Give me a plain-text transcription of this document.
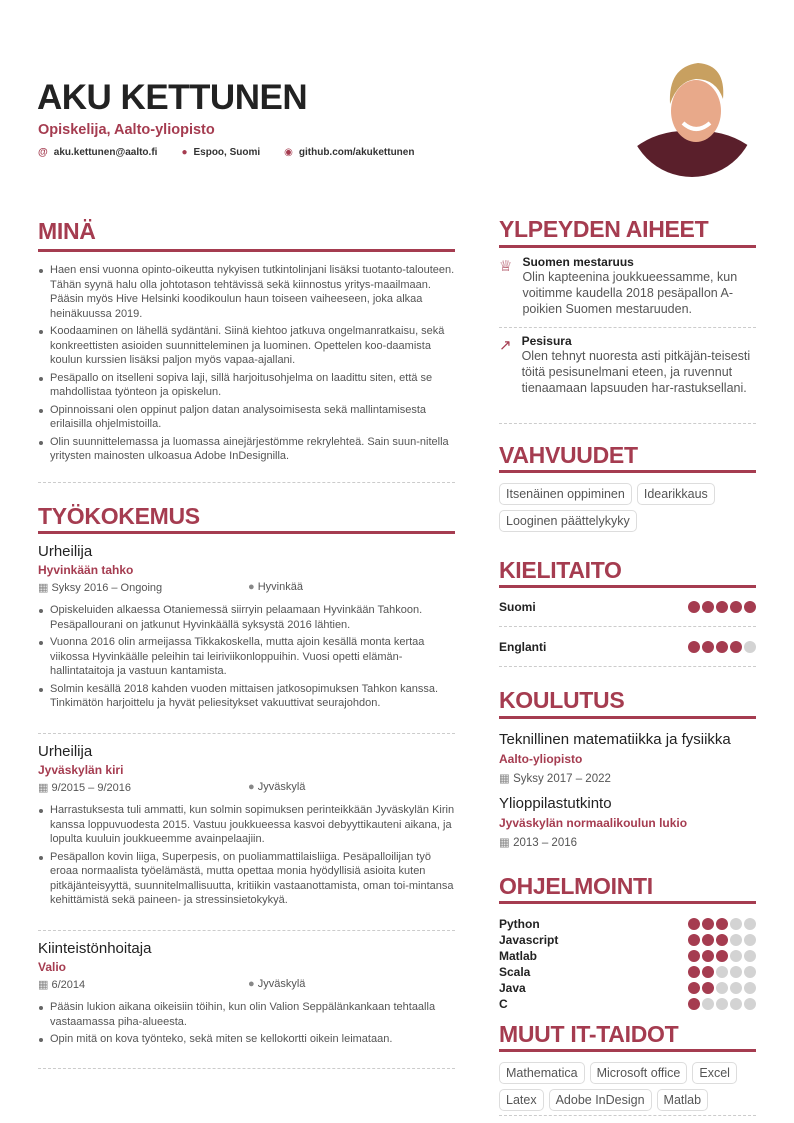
AKU KETTUNEN
Opiskelija, Aalto-yliopisto
@ aku.kettunen@aalto.fi ● Espoo, Suomi ◉ github.com/akukettunen
MINÄ
Haen ensi vuonna opinto-oikeutta nykyisen tutkintolinjani lisäksi tuotanto-talouteen. Tähän syynä halu olla johtotason tehtävissä sekä kiinnostus yritys-maailmaan. Pääsin myös Hive Helsinki koodikoulun haun toiseen vaiheeseen, joka alkaa heinäkuussa 2019.
Koodaaminen on lähellä sydäntäni. Siinä kiehtoo jatkuva ongelmanratkaisu, sekä konkreettisten asioiden suunnitteleminen ja luominen. Opettelen koo-daamista koulun kurssien lisäksi paljon myös vapaa-ajallani.
Pesäpallo on itselleni sopiva laji, sillä harjoitusohjelma on laadittu siten, että se mahdollistaa työnteon ja opiskelun.
Opinnoissani olen oppinut paljon datan analysoimisesta sekä mallintamisesta erilaisilla ohjelmistoilla.
Olin suunnittelemassa ja luomassa ainejärjestömme rekrylehteä. Sain suun-nitella yritysten mainosten ulkoasua Adobe InDesignilla.
TYÖKOKEMUS
Urheilija
Hyvinkään tahko
▦ Syksy 2016 – Ongoing	● Hyvinkää
Opiskeluiden alkaessa Otaniemessä siirryin pelaamaan Hyvinkään Tahkoon. Pesäpallourani on jatkunut Hyvinkäällä syksystä 2016 lähtien.
Vuonna 2016 olin armeijassa Tikkakoskella, mutta ajoin kesällä monta kertaa viikossa Hyvinkäälle peleihin tai leiriviikonloppuihin. Vuosi opetti elämän-hallintataitoja ja vastuun kantamista.
Solmin kesällä 2018 kahden vuoden mittaisen jatkosopimuksen Tahkon kanssa. Tinkimätön harjoittelu ja hyvät peliesitykset vakuuttivat seurajohdon.
Urheilija
Jyväskylän kiri
▦ 9/2015 – 9/2016	● Jyväskylä
Harrastuksesta tuli ammatti, kun solmin sopimuksen perinteikkään Jyväskylän Kirin kanssa loppuvuodesta 2015. Vastuu joukkueessa kasvoi debyyttikauteni aikana, ja lopulta kuuluin joukkueemme avainpelaajiin.
Pesäpallon kovin liiga, Superpesis, on puoliammattilaisliiga. Pesäpalloilijan työ eroaa normaalista työelämästä, mutta opettaa monia hyödyllisiä asioita kuten pitkäjänteisyyttä, suunnitelmallisuutta, kritiikin vastaanottamista, oman toi-mintansa kehittämistä sekä paineen- ja stressinsietokykyä.
Kiinteistönhoitaja
Valio
▦ 6/2014	● Jyväskylä
Pääsin lukion aikana oikeisiin töihin, kun olin Valion Seppälänkankaan tehtaalla vastaamassa piha-alueesta.
Opin mitä on kova työnteko, sekä miten se kellokortti oikein leimataan.
YLPEYDEN AIHEET
♕ Suomen mestaruus
Olin kapteenina joukkueessamme, kun voitimme kaudella 2018 pesäpallon A-poikien Suomen mestaruuden.
↗ Pesisura
Olen tehnyt nuoresta asti pitkäjän-teisesti töitä pesisunelmani eteen, ja ruvennut tienaamaan lapsuuden har-rastuksellani.
VAHVUUDET
Itsenäinen oppiminen	Idearikkaus
Looginen päättelykyky
KIELITAITO
Suomi
Englanti
KOULUTUS
Teknillinen matematiikka ja fysiikka
Aalto-yliopisto
▦ Syksy 2017 – 2022
Ylioppilastutkinto
Jyväskylän normaalikoulun lukio
▦ 2013 – 2016
OHJELMOINTI
Python
Javascript
Matlab
Scala
Java
C
MUUT IT-TAIDOT
Mathematica	Microsoft office	Excel
Latex	Adobe InDesign	Matlab
